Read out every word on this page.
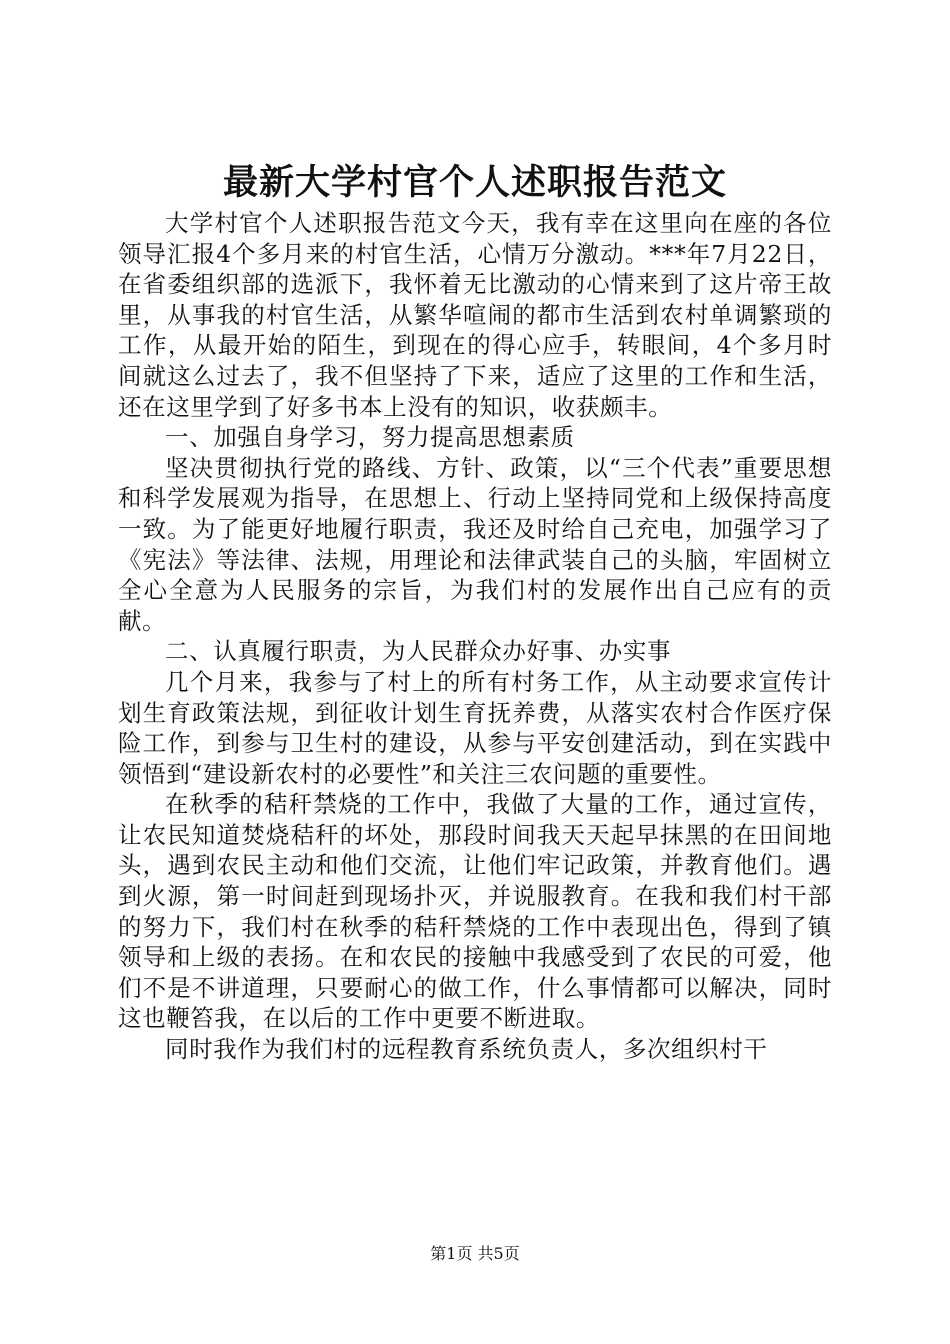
最新大学村官个人述职报告范文

大学村官个人述职报告范文今天，我有幸在这里向在座的各位领导汇报4个多月来的村官生活，心情万分激动。***年7月22日，在省委组织部的选派下，我怀着无比激动的心情来到了这片帝王故里，从事我的村官生活，从繁华喧闹的都市生活到农村单调繁琐的工作，从最开始的陌生，到现在的得心应手，转眼间，4个多月时间就这么过去了，我不但坚持了下来，适应了这里的工作和生活，还在这里学到了好多书本上没有的知识，收获颇丰。

一、加强自身学习，努力提高思想素质

坚决贯彻执行党的路线、方针、政策，以“三个代表”重要思想和科学发展观为指导，在思想上、行动上坚持同党和上级保持高度一致。为了能更好地履行职责，我还及时给自己充电，加强学习了《宪法》等法律、法规，用理论和法律武装自己的头脑，牢固树立全心全意为人民服务的宗旨，为我们村的发展作出自己应有的贡献。

二、认真履行职责，为人民群众办好事、办实事

几个月来，我参与了村上的所有村务工作，从主动要求宣传计划生育政策法规，到征收计划生育抚养费，从落实农村合作医疗保险工作，到参与卫生村的建设，从参与平安创建活动，到在实践中领悟到“建设新农村的必要性”和关注三农问题的重要性。

在秋季的秸秆禁烧的工作中，我做了大量的工作，通过宣传，让农民知道焚烧秸秆的坏处，那段时间我天天起早抹黑的在田间地头，遇到农民主动和他们交流，让他们牢记政策，并教育他们。遇到火源，第一时间赶到现场扑灭，并说服教育。在我和我们村干部的努力下，我们村在秋季的秸秆禁烧的工作中表现出色，得到了镇领导和上级的表扬。在和农民的接触中我感受到了农民的可爱，他们不是不讲道理，只要耐心的做工作，什么事情都可以解决，同时这也鞭笞我，在以后的工作中更要不断进取。

同时我作为我们村的远程教育系统负责人，多次组织村干

第1页 共5页
